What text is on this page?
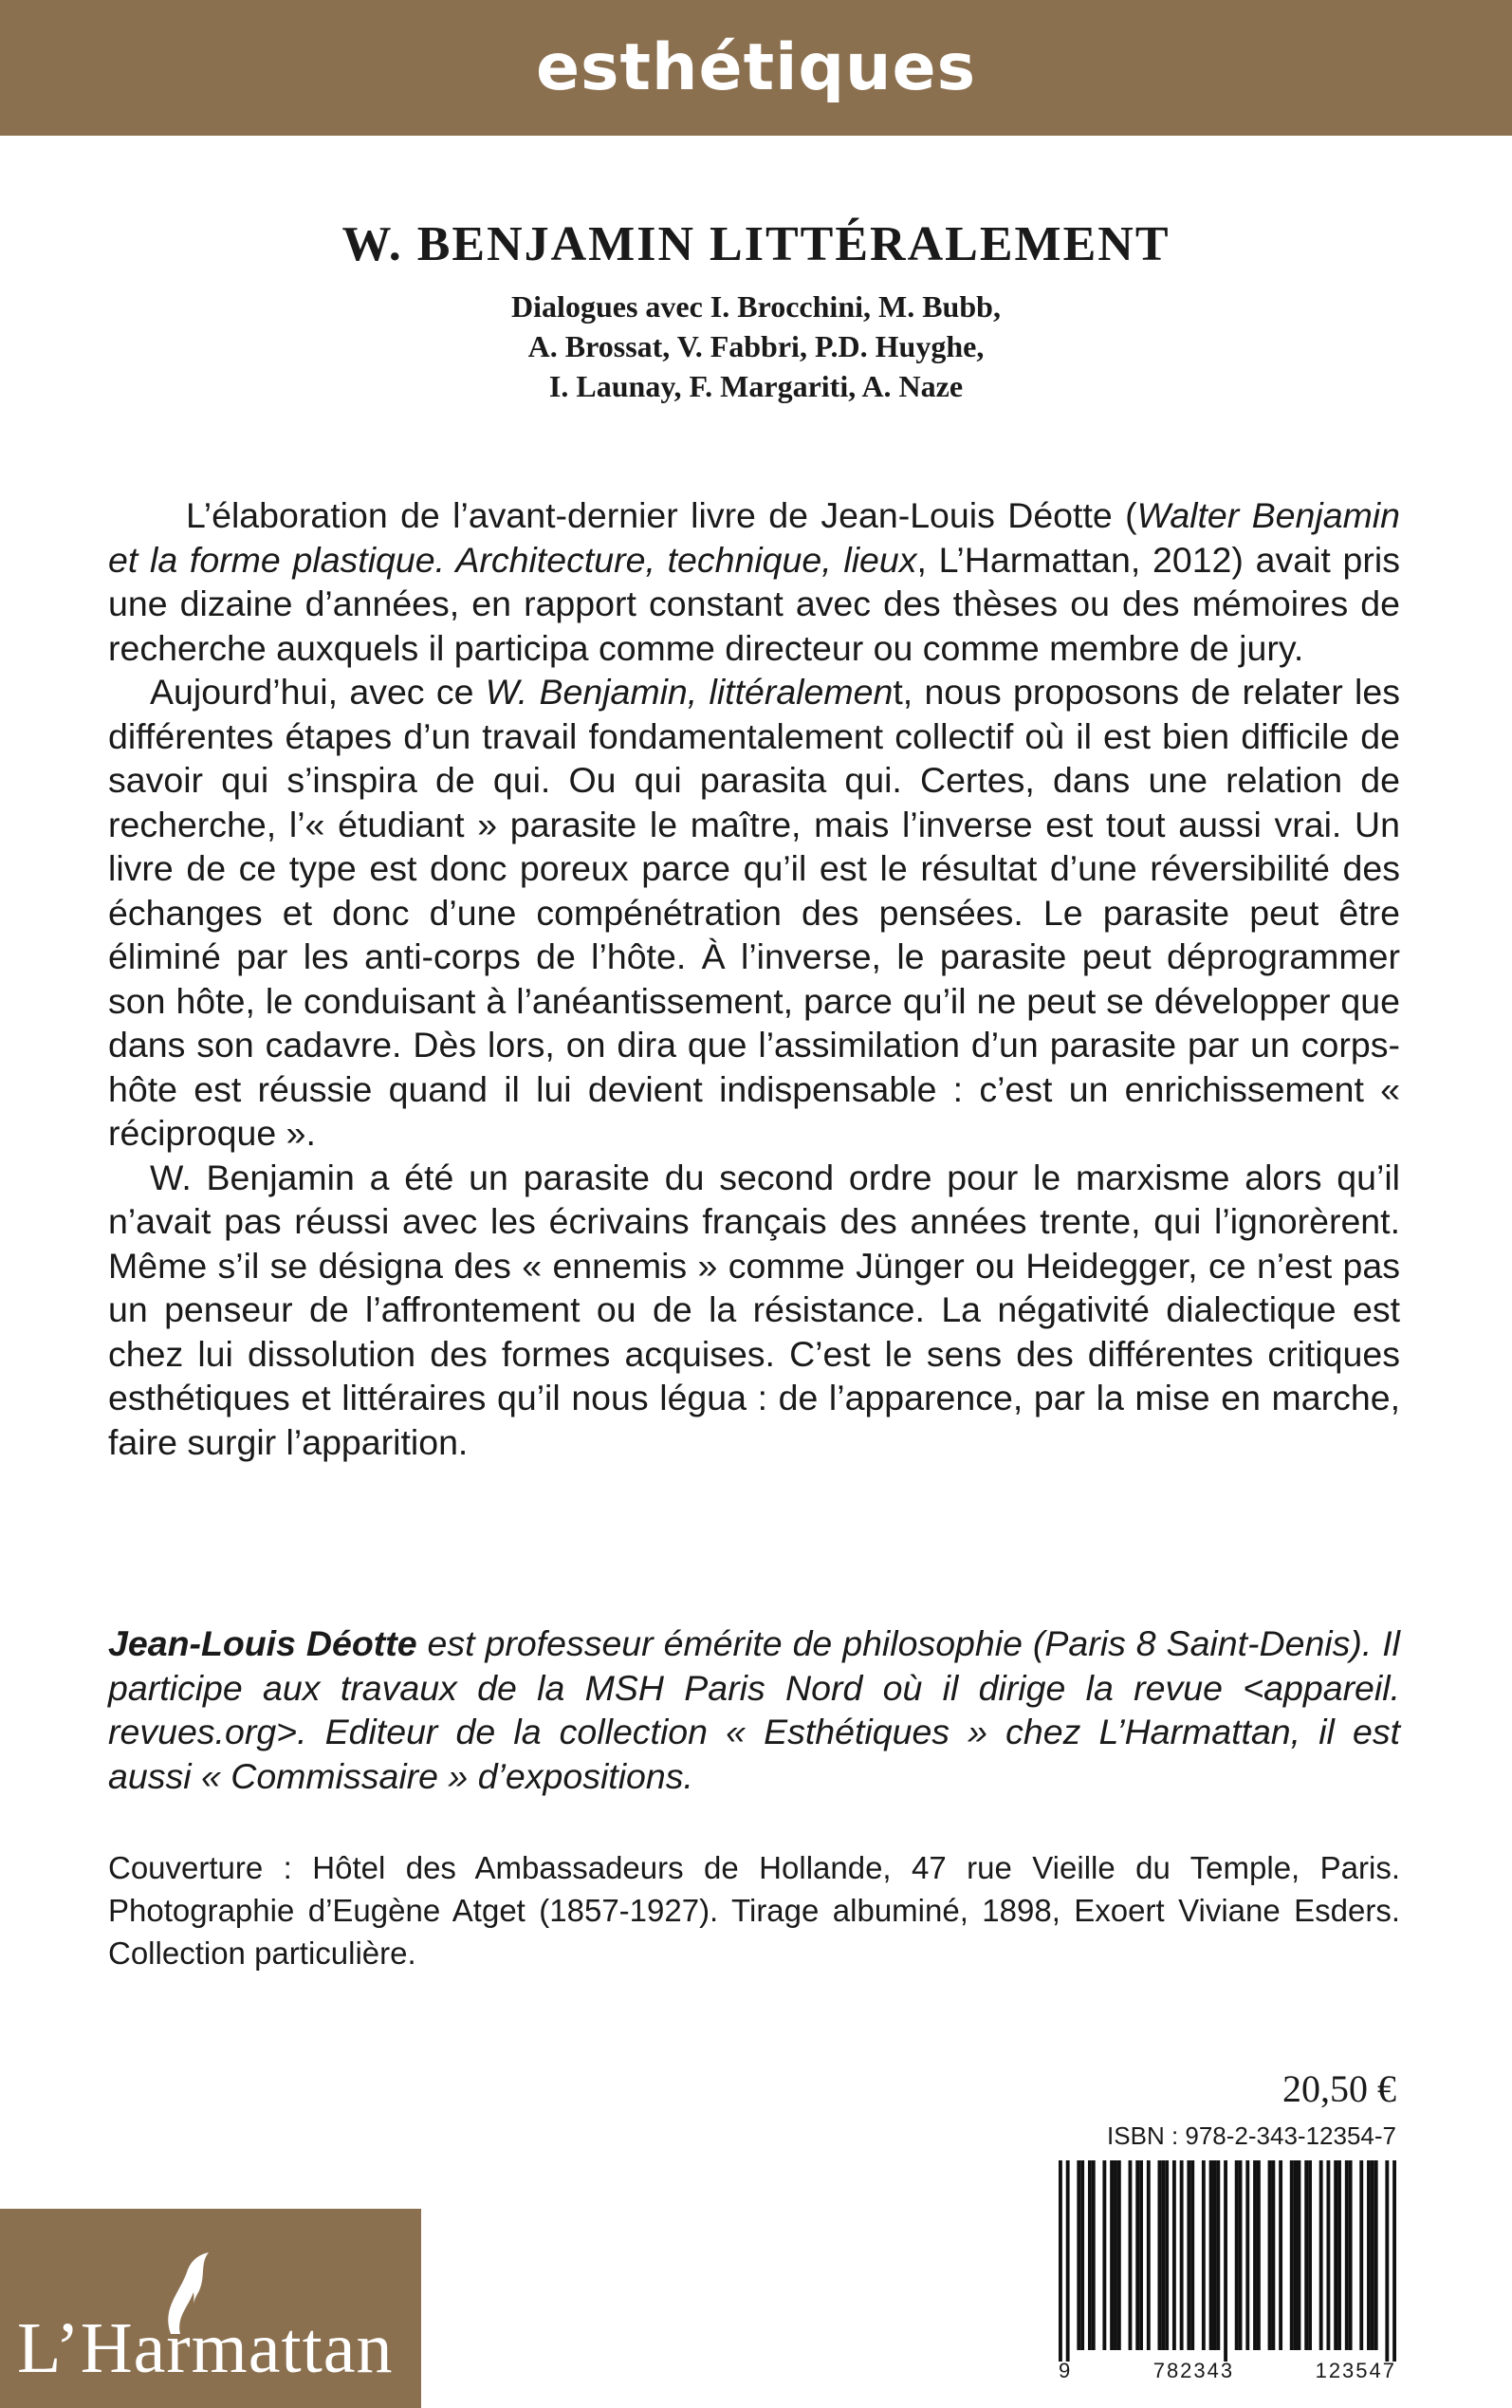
esthétiques
W. BENJAMIN LITTÉRALEMENT
Dialogues avec I. Brocchini, M. Bubb,
A. Brossat, V. Fabbri, P.D. Huyghe,
I. Launay, F. Margariti, A. Naze

L’élaboration de l’avant-dernier livre de Jean-Louis Déotte (Walter Benjamin et la forme plastique. Architecture, technique, lieux, L’Harmattan, 2012) avait pris une dizaine d’années, en rapport constant avec des thèses ou des mémoires de recherche auxquels il participa comme directeur ou comme membre de jury.

Aujourd’hui, avec ce W. Benjamin, littéralement, nous proposons de relater les différentes étapes d’un travail fondamentalement collectif où il est bien difficile de savoir qui s’inspira de qui. Ou qui parasita qui. Certes, dans une relation de recherche, l’« étudiant » parasite le maître, mais l’inverse est tout aussi vrai. Un livre de ce type est donc poreux parce qu’il est le résultat d’une réversibilité des échanges et donc d’une compénétration des pensées. Le parasite peut être éliminé par les anti-corps de l’hôte. À l’inverse, le parasite peut déprogrammer son hôte, le conduisant à l’anéantissement, parce qu’il ne peut se développer que dans son cadavre. Dès lors, on dira que l’assimilation d’un parasite par un corps-hôte est réussie quand il lui devient indispensable : c’est un enrichissement « réciproque ».

W. Benjamin a été un parasite du second ordre pour le marxisme alors qu’il n’avait pas réussi avec les écrivains français des années trente, qui l’ignorèrent. Même s’il se désigna des « ennemis » comme Jünger ou Heidegger, ce n’est pas un penseur de l’affrontement ou de la résistance. La négativité dialectique est chez lui dissolution des formes acquises. C’est le sens des différentes critiques esthétiques et littéraires qu’il nous légua : de l’apparence, par la mise en marche, faire surgir l’apparition.

Jean-Louis Déotte est professeur émérite de philosophie (Paris 8 Saint-Denis). Il participe aux travaux de la MSH Paris Nord où il dirige la revue <appareil. revues.org>. Editeur de la collection « Esthétiques » chez L’Harmattan, il est aussi « Commissaire » d’expositions.
Couverture : Hôtel des Ambassadeurs de Hollande, 47 rue Vieille du Temple, Paris. Photographie d’Eugène Atget (1857-1927). Tirage albuminé, 1898, Exoert Viviane Esders. Collection particulière.
20,50 €
ISBN : 978-2-343-12354-7
9	782343	123547
L’Harmattan
